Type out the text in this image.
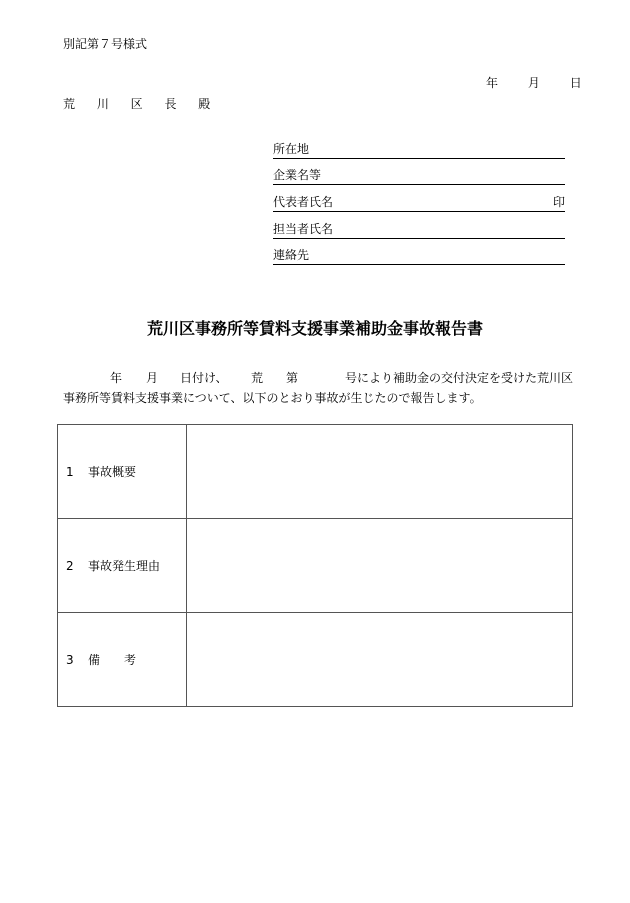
別記第７号様式
年 月 日
荒 川 区 長 殿
所在地
企業名等
代表者氏名	印
担当者氏名
連絡先
荒川区事務所等賃料支援事業補助金事故報告書
年 月 日付け、 荒 第	号により補助金の交付決定を受けた荒川区
事務所等賃料支援事業について、以下のとおり事故が生じたので報告します。
1 事故概要	
2 事故発生理由	
3 備　　考	
